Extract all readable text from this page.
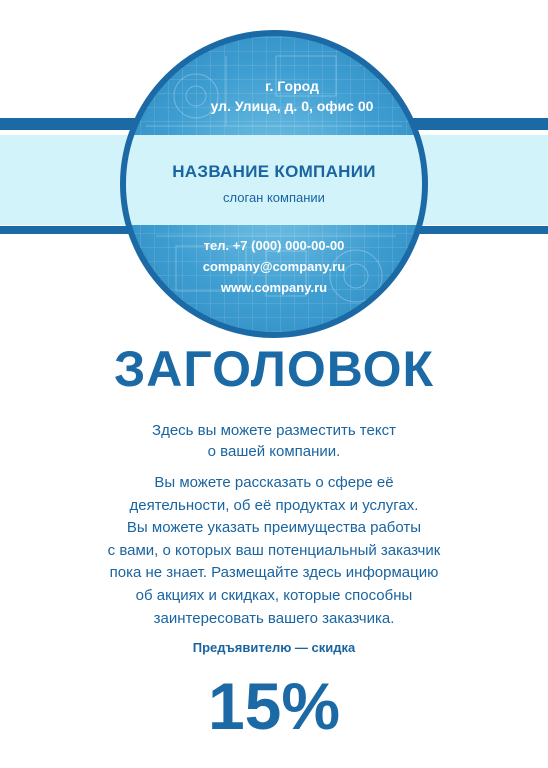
г. Город
ул. Улица, д. 0, офис 00
НАЗВАНИЕ КОМПАНИИ
слоган компании
тел. +7 (000) 000-00-00
company@company.ru
www.company.ru
ЗАГОЛОВОК
Здесь вы можете разместить текст
о вашей компании.
Вы можете рассказать о сфере её
деятельности, об её продуктах и услугах.
Вы можете указать преимущества работы
с вами, о которых ваш потенциальный заказчик
пока не знает. Размещайте здесь информацию
об акциях и скидках, которые способны
заинтересовать вашего заказчика.
Предъявителю — скидка
15%
